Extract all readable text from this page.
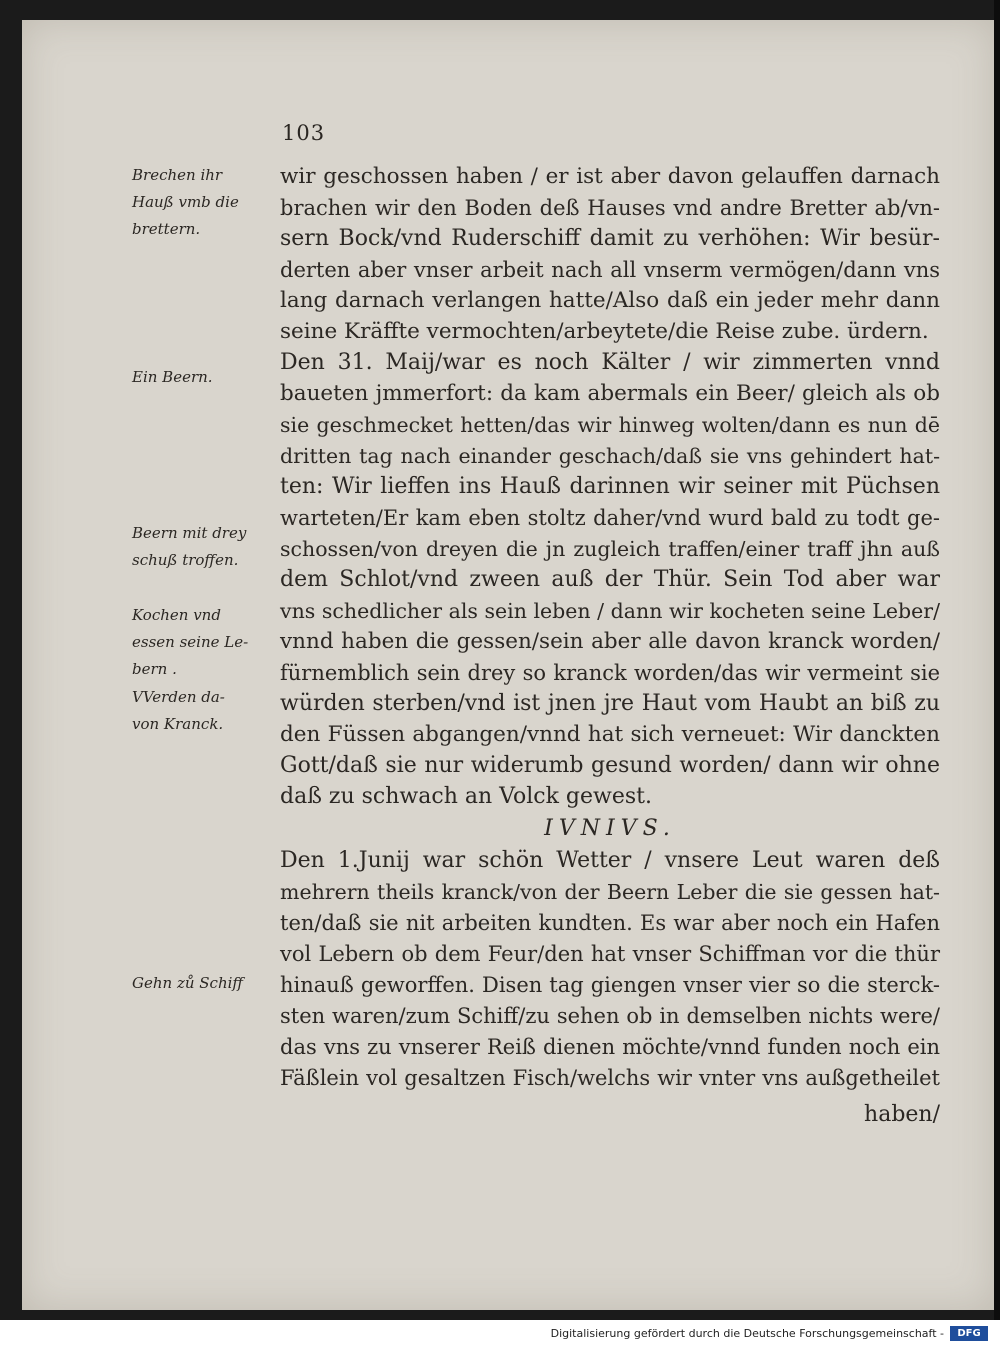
103
Brechen ihr
Hauß vmb die
brettern.
Ein Beern.
Beern mit drey
schuß troffen.
Kochen vnd
essen seine Le-
bern .
VVerden da-
von Kranck.
Gehn zů Schiff
wir geschossen haben / er ist aber davon gelauffen darnach
brachen wir den Boden deß Hauses vnd andre Bretter ab/vn-
sern Bock/vnd Ruderschiff damit zu verhöhen: Wir besür-
derten aber vnser arbeit nach all vnserm vermögen/dann vns
lang darnach verlangen hatte/Also daß ein jeder mehr dann
seine Kräffte vermochten/arbeytete/die Reise zube. ürdern.
Den 31. Maij/war es noch Kälter / wir zimmerten vnnd
baueten jmmerfort: da kam abermals ein Beer/ gleich als ob
sie geschmecket hetten/das wir hinweg wolten/dann es nun dē
dritten tag nach einander geschach/daß sie vns gehindert hat-
ten: Wir lieffen ins Hauß darinnen wir seiner mit Püchsen
warteten/Er kam eben stoltz daher/vnd wurd bald zu todt ge-
schossen/von dreyen die jn zugleich traffen/einer traff jhn auß
dem Schlot/vnd zween auß der Thür. Sein Tod aber war
vns schedlicher als sein leben / dann wir kocheten seine Leber/
vnnd haben die gessen/sein aber alle davon kranck worden/
fürnemblich sein drey so kranck worden/das wir vermeint sie
würden sterben/vnd ist jnen jre Haut vom Haubt an biß zu
den Füssen abgangen/vnnd hat sich verneuet: Wir danckten
Gott/daß sie nur widerumb gesund worden/ dann wir ohne
daß zu schwach an Volck gewest.
IVNIVS.
Den 1.Junij war schön Wetter / vnsere Leut waren deß
mehrern theils kranck/von der Beern Leber die sie gessen hat-
ten/daß sie nit arbeiten kundten. Es war aber noch ein Hafen
vol Lebern ob dem Feur/den hat vnser Schiffman vor die thür
hinauß geworffen. Disen tag giengen vnser vier so die sterck-
sten waren/zum Schiff/zu sehen ob in demselben nichts were/
das vns zu vnserer Reiß dienen möchte/vnnd funden noch ein
Fäßlein vol gesaltzen Fisch/welchs wir vnter vns außgetheilet
haben/
Digitalisierung gefördert durch die Deutsche Forschungsgemeinschaft -	DFG
